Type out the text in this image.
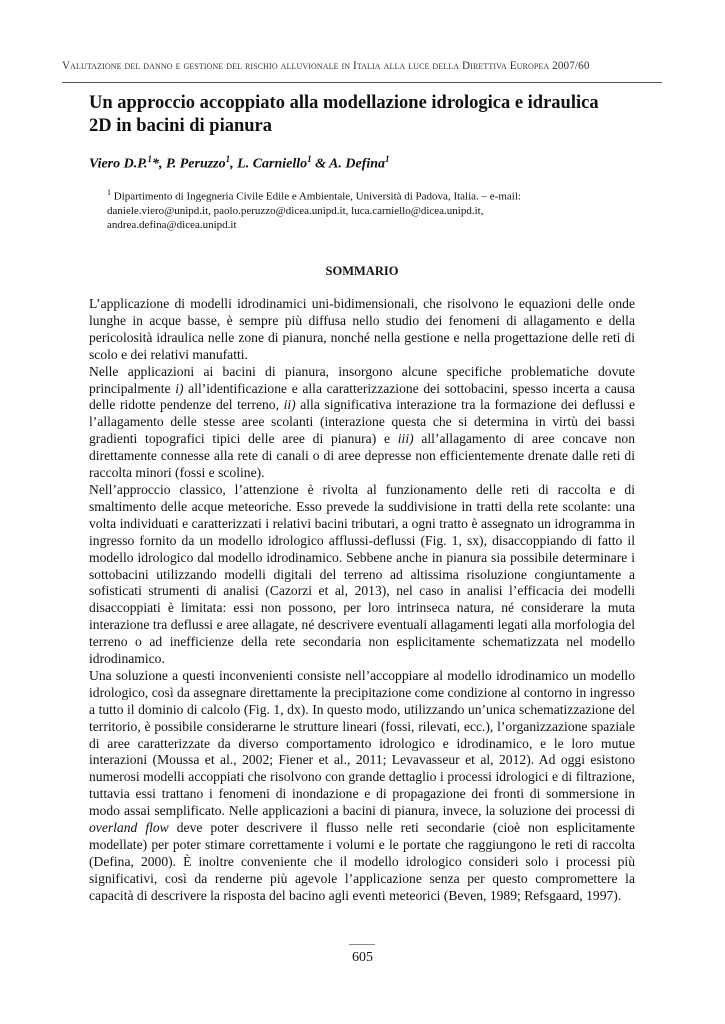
Valutazione del danno e gestione del rischio alluvionale in Italia alla luce della Direttiva Europea 2007/60
Un approccio accoppiato alla modellazione idrologica e idraulica
2D in bacini di pianura
Viero D.P.$^1$*, P. Peruzzo$^1$, L. Carniello$^1$ & A. Defina$^1$
$^1$ Dipartimento di Ingegneria Civile Edile e Ambientale, Università di Padova, Italia. – e-mail:
daniele.viero@unipd.it, paolo.peruzzo@dicea.unipd.it, luca.carniello@dicea.unipd.it,
andrea.defina@dicea.unipd.it
SOMMARIO

L’applicazione di modelli idrodinamici uni-bidimensionali, che risolvono le equazioni delle onde lunghe in acque basse, è sempre più diffusa nello studio dei fenomeni di allagamento e della pericolosità idraulica nelle zone di pianura, nonché nella gestione e nella progettazione delle reti di scolo e dei relativi manufatti.

Nelle applicazioni ai bacini di pianura, insorgono alcune specifiche problematiche dovute principalmente i) all’identificazione e alla caratterizzazione dei sottobacini, spesso incerta a causa delle ridotte pendenze del terreno, ii) alla significativa interazione tra la formazione dei deflussi e l’allagamento delle stesse aree scolanti (interazione questa che si determina in virtù dei bassi gradienti topografici tipici delle aree di pianura) e iii) all’allagamento di aree concave non direttamente connesse alla rete di canali o di aree depresse non efficientemente drenate dalle reti di raccolta minori (fossi e scoline).

Nell’approccio classico, l’attenzione è rivolta al funzionamento delle reti di raccolta e di smaltimento delle acque meteoriche. Esso prevede la suddivisione in tratti della rete scolante: una volta individuati e caratterizzati i relativi bacini tributari, a ogni tratto è assegnato un idrogramma in ingresso fornito da un modello idrologico afflussi-deflussi (Fig. 1, sx), disaccoppiando di fatto il modello idrologico dal modello idrodinamico. Sebbene anche in pianura sia possibile determinare i sottobacini utilizzando modelli digitali del terreno ad altissima risoluzione congiuntamente a sofisticati strumenti di analisi (Cazorzi et al, 2013), nel caso in analisi l’efficacia dei modelli disaccoppiati è limitata: essi non possono, per loro intrinseca natura, né considerare la muta interazione tra deflussi e aree allagate, né descrivere eventuali allagamenti legati alla morfologia del terreno o ad inefficienze della rete secondaria non esplicitamente schematizzata nel modello idrodinamico.

Una soluzione a questi inconvenienti consiste nell’accoppiare al modello idrodinamico un modello idrologico, così da assegnare direttamente la precipitazione come condizione al contorno in ingresso a tutto il dominio di calcolo (Fig. 1, dx). In questo modo, utilizzando un’unica schematizzazione del territorio, è possibile considerarne le strutture lineari (fossi, rilevati, ecc.), l’organizzazione spaziale di aree caratterizzate da diverso comportamento idrologico e idrodinamico, e le loro mutue interazioni (Moussa et al., 2002; Fiener et al., 2011; Levavasseur et al, 2012). Ad oggi esistono numerosi modelli accoppiati che risolvono con grande dettaglio i processi idrologici e di filtrazione, tuttavia essi trattano i fenomeni di inondazione e di propagazione dei fronti di sommersione in modo assai semplificato. Nelle applicazioni a bacini di pianura, invece, la soluzione dei processi di overland flow deve poter descrivere il flusso nelle reti secondarie (cioè non esplicitamente modellate) per poter stimare correttamente i volumi e le portate che raggiungono le reti di raccolta (Defina, 2000). È inoltre conveniente che il modello idrologico consideri solo i processi più significativi, così da renderne più agevole l’applicazione senza per questo compromettere la capacità di descrivere la risposta del bacino agli eventi meteorici (Beven, 1989; Refsgaard, 1997).

605
